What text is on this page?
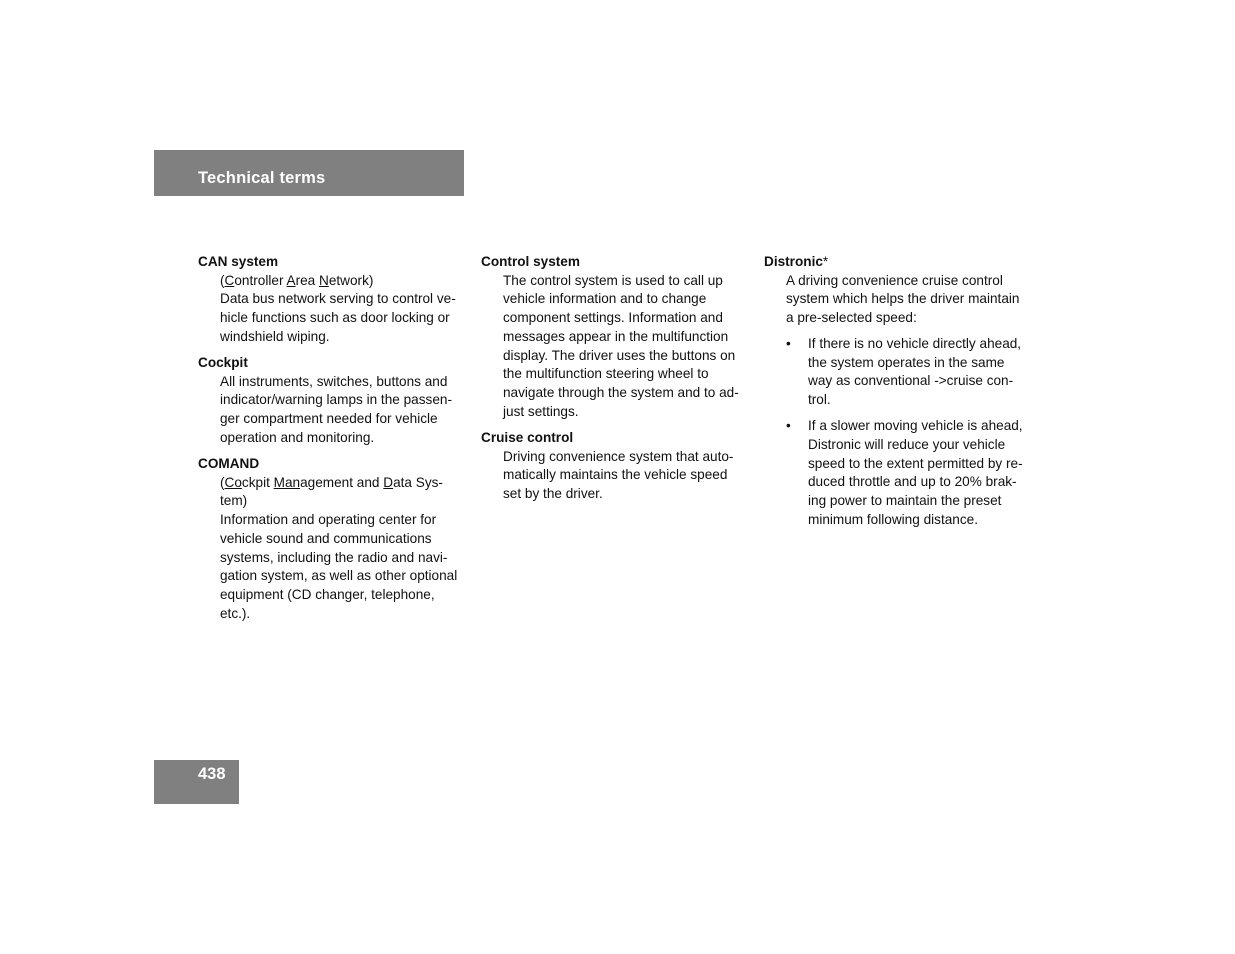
Technical terms
CAN system

(Controller Area Network)
Data bus network serving to control ve-
hicle functions such as door locking or
windshield wiping.

Cockpit

All instruments, switches, buttons and
indicator/warning lamps in the passen-
ger compartment needed for vehicle
operation and monitoring.

COMAND

(Cockpit Management and Data Sys-
tem)
Information and operating center for
vehicle sound and communications
systems, including the radio and navi-
gation system, as well as other optional
equipment (CD changer, telephone,
etc.).

Control system

The control system is used to call up
vehicle information and to change
component settings. Information and
messages appear in the multifunction
display. The driver uses the buttons on
the multifunction steering wheel to
navigate through the system and to ad-
just settings.

Cruise control

Driving convenience system that auto-
matically maintains the vehicle speed
set by the driver.

Distronic*

A driving convenience cruise control
system which helps the driver maintain
a pre-selected speed:

• If there is no vehicle directly ahead,
the system operates in the same
way as conventional ->cruise con-
trol.

• If a slower moving vehicle is ahead,
Distronic will reduce your vehicle
speed to the extent permitted by re-
duced throttle and up to 20% brak-
ing power to maintain the preset
minimum following distance.

438
